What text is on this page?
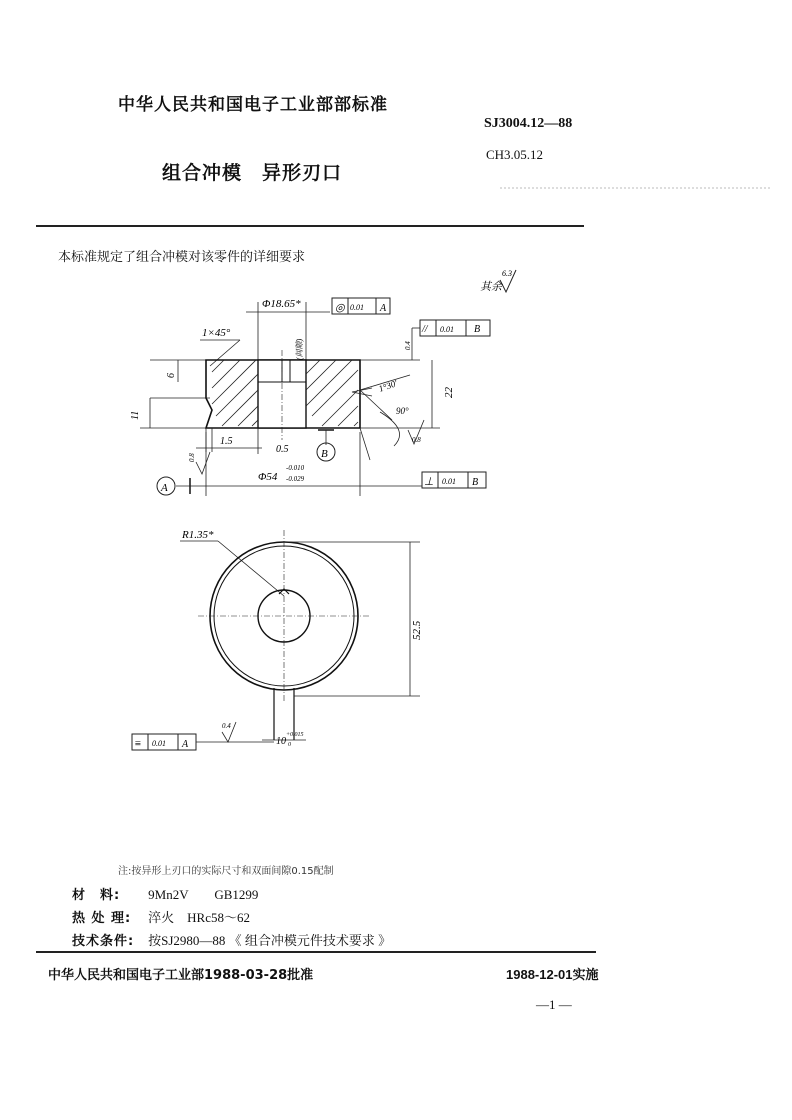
中华人民共和国电子工业部部标准
SJ3004.12—88
CH3.05.12
组合冲模　异形刃口
本标准规定了组合冲模对该零件的详细要求
其余
6.3
Φ18.65*	◎ 0.01 A
// 0.01 B
0.4
1×45°
(间隙)
6
11
22
1°30′
90°
0.8
1.5
0.5	B
0.8
Φ54
-0.010
-0.029
A	⊥ 0.01 B
R1.35*
52.5
10
+0.015
0
0.4
≡ 0.01 A
注:按异形上刃口的实际尺寸和双面间隙0.15配制
材　料: 9Mn2V　　GB1299
热 处 理: 淬火　HRc58～62
技术条件: 按SJ2980—88 《 组合冲模元件技术要求 》
中华人民共和国电子工业部1988-03-28批准	1988-12-01实施
—1 —
